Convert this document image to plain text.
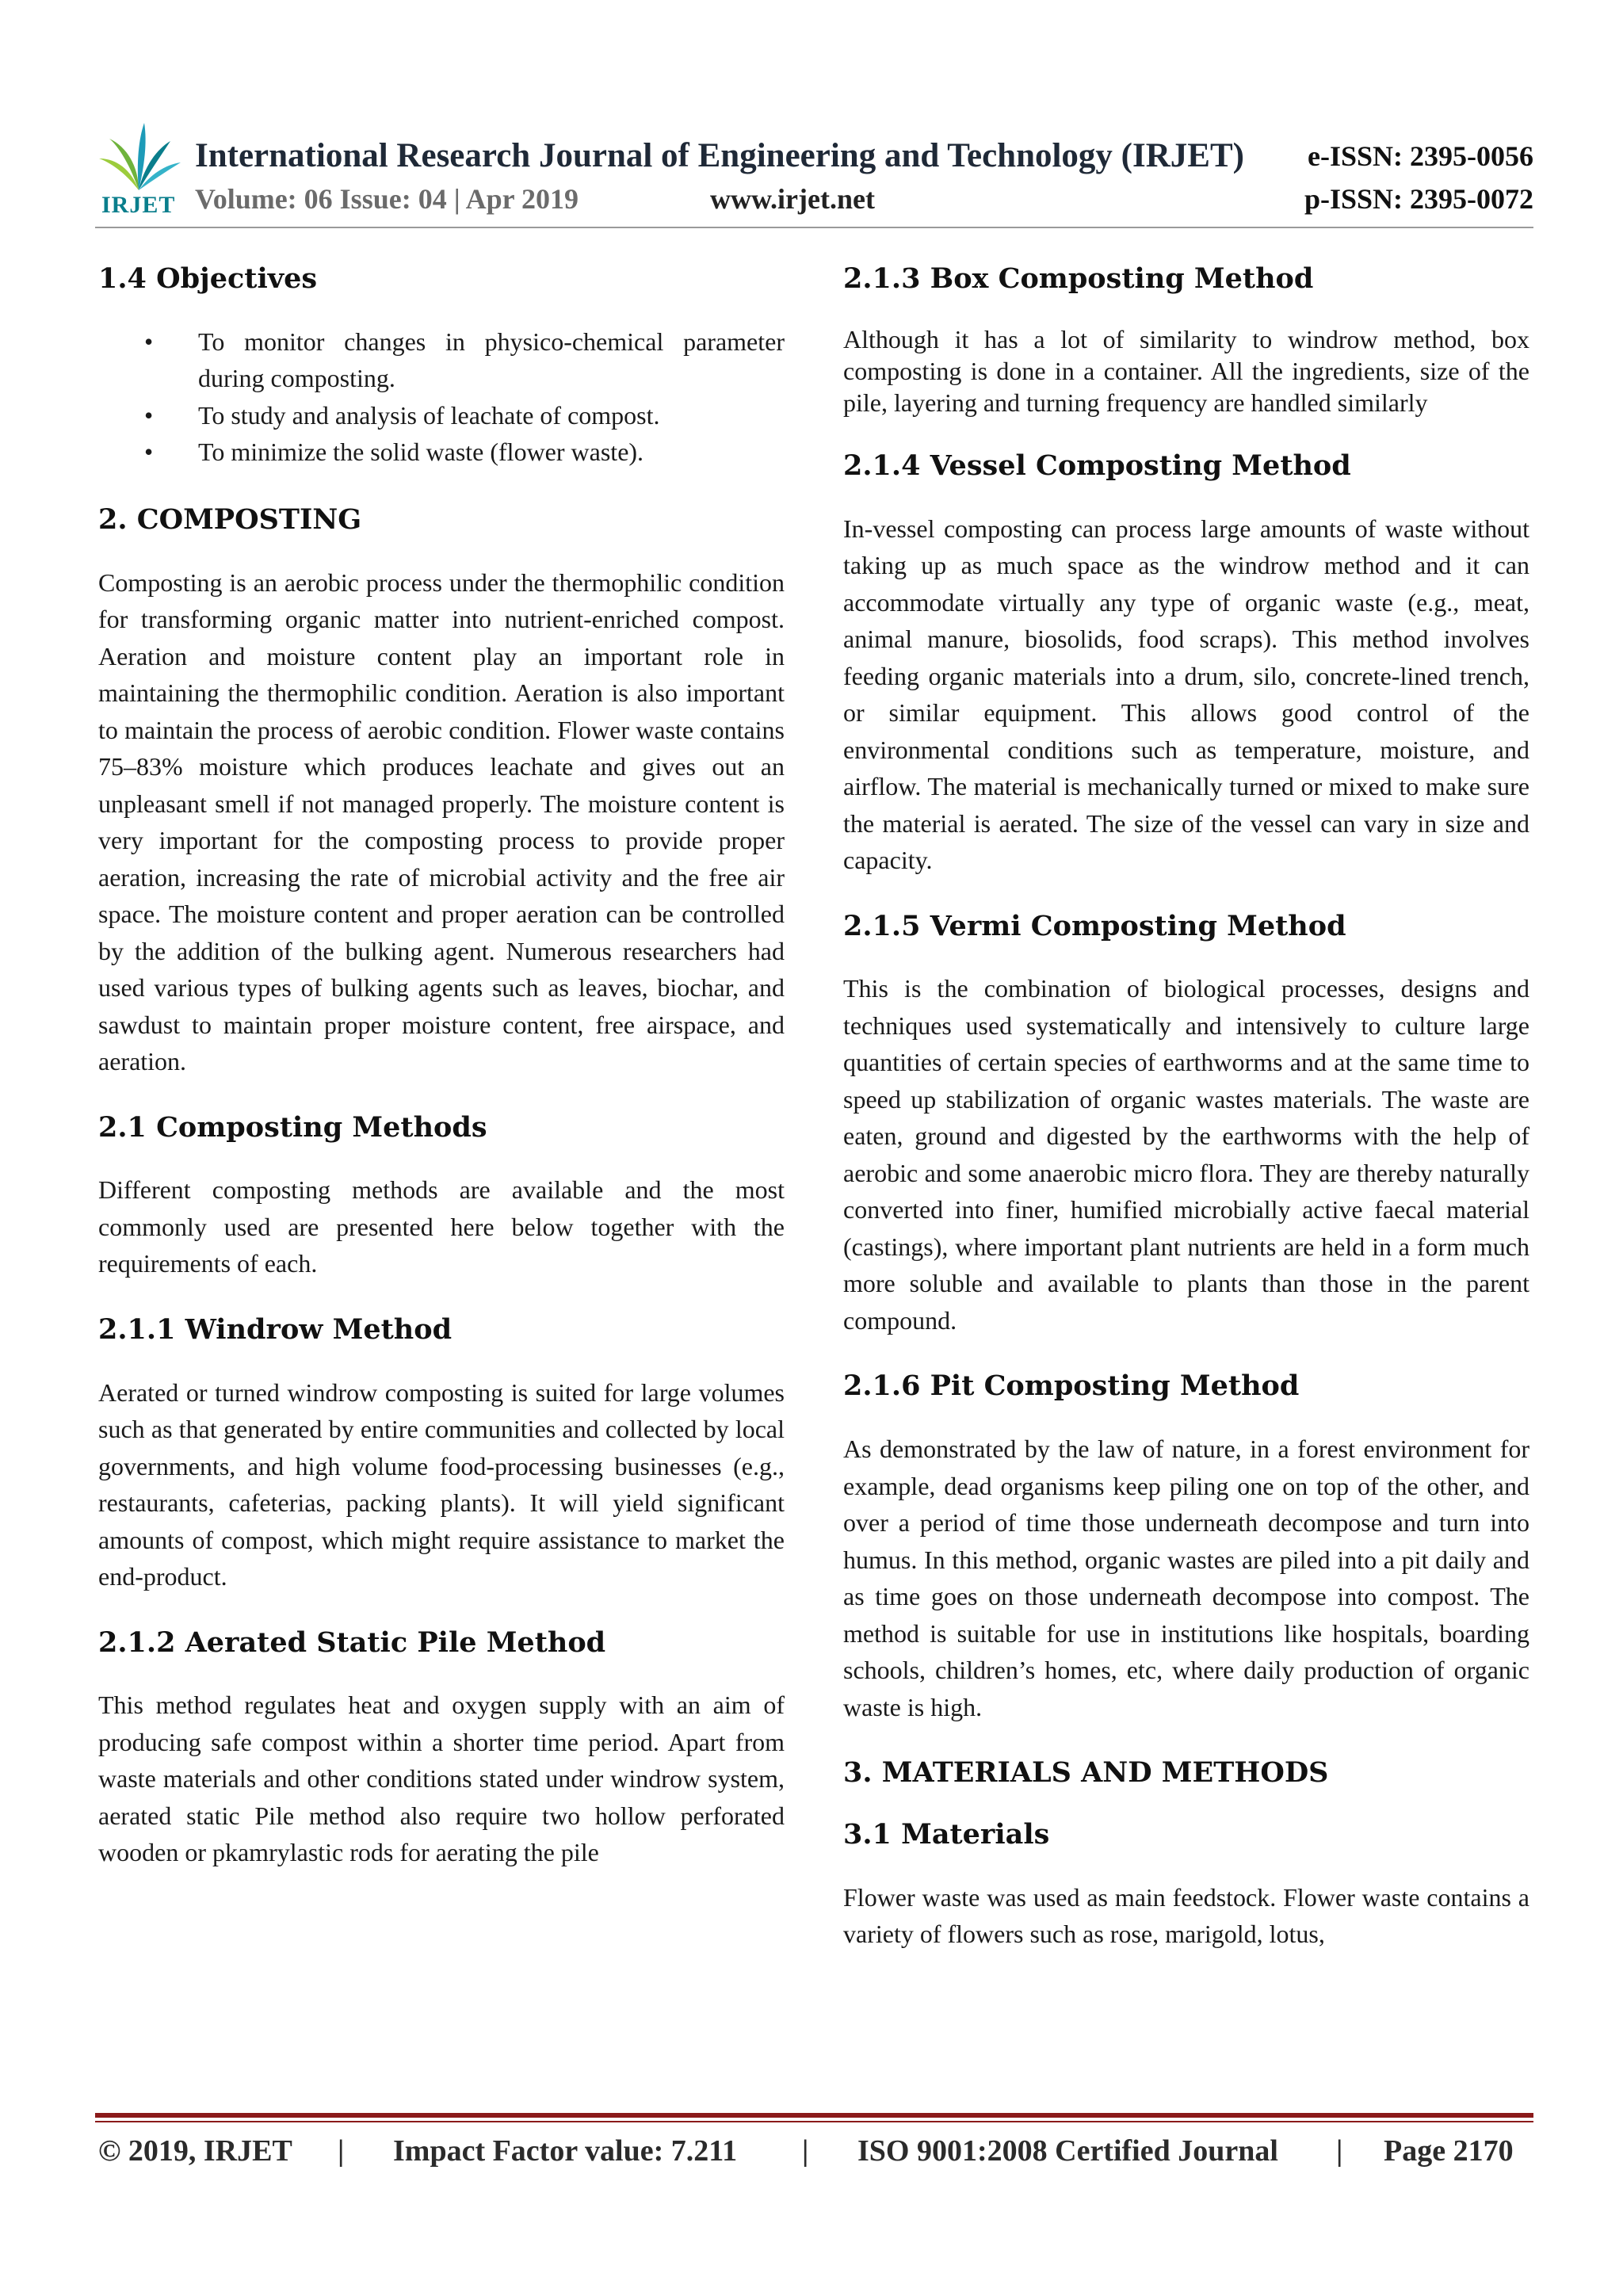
IRJET
International Research Journal of Engineering and Technology (IRJET)
Volume: 06 Issue: 04 | Apr 2019	www.irjet.net
e-ISSN: 2395-0056
p-ISSN: 2395-0072
1.4 Objectives
• To monitor changes in physico-chemical parameter during composting.
• To study and analysis of leachate of compost.
• To minimize the solid waste (flower waste).
2. COMPOSTING

Composting is an aerobic process under the thermophilic condition for transforming organic matter into nutrient-enriched compost. Aeration and moisture content play an important role in maintaining the thermophilic condition. Aeration is also important to maintain the process of aerobic condition. Flower waste contains 75–83% moisture which produces leachate and gives out an unpleasant smell if not managed properly. The moisture content is very important for the composting process to provide proper aeration, increasing the rate of microbial activity and the free air space. The moisture content and proper aeration can be controlled by the addition of the bulking agent. Numerous researchers had used various types of bulking agents such as leaves, biochar, and sawdust to maintain proper moisture content, free airspace, and aeration.

2.1 Composting Methods

Different composting methods are available and the most commonly used are presented here below together with the requirements of each.

2.1.1 Windrow Method

Aerated or turned windrow composting is suited for large volumes such as that generated by entire communities and collected by local governments, and high volume food-processing businesses (e.g., restaurants, cafeterias, packing plants). It will yield significant amounts of compost, which might require assistance to market the end-product.

2.1.2 Aerated Static Pile Method

This method regulates heat and oxygen supply with an aim of producing safe compost within a shorter time period. Apart from waste materials and other conditions stated under windrow system, aerated static Pile method also require two hollow perforated wooden or pkamrylastic rods for aerating the pile

2.1.3 Box Composting Method

Although it has a lot of similarity to windrow method, box composting is done in a container. All the ingredients, size of the pile, layering and turning frequency are handled similarly

2.1.4 Vessel Composting Method

In-vessel composting can process large amounts of waste without taking up as much space as the windrow method and it can accommodate virtually any type of organic waste (e.g., meat, animal manure, biosolids, food scraps). This method involves feeding organic materials into a drum, silo, concrete-lined trench, or similar equipment. This allows good control of the environmental conditions such as temperature, moisture, and airflow. The material is mechanically turned or mixed to make sure the material is aerated. The size of the vessel can vary in size and capacity.

2.1.5 Vermi Composting Method

This is the combination of biological processes, designs and techniques used systematically and intensively to culture large quantities of certain species of earthworms and at the same time to speed up stabilization of organic wastes materials. The waste are eaten, ground and digested by the earthworms with the help of aerobic and some anaerobic micro flora. They are thereby naturally converted into finer, humified microbially active faecal material (castings), where important plant nutrients are held in a form much more soluble and available to plants than those in the parent compound.

2.1.6 Pit Composting Method

As demonstrated by the law of nature, in a forest environment for example, dead organisms keep piling one on top of the other, and over a period of time those underneath decompose and turn into humus. In this method, organic wastes are piled into a pit daily and as time goes on those underneath decompose into compost. The method is suitable for use in institutions like hospitals, boarding schools, children’s homes, etc, where daily production of organic waste is high.

3. MATERIALS AND METHODS
3.1 Materials

Flower waste was used as main feedstock. Flower waste contains a variety of flowers such as rose, marigold, lotus,

© 2019, IRJET | Impact Factor value: 7.211 | ISO 9001:2008 Certified Journal | Page 2170
